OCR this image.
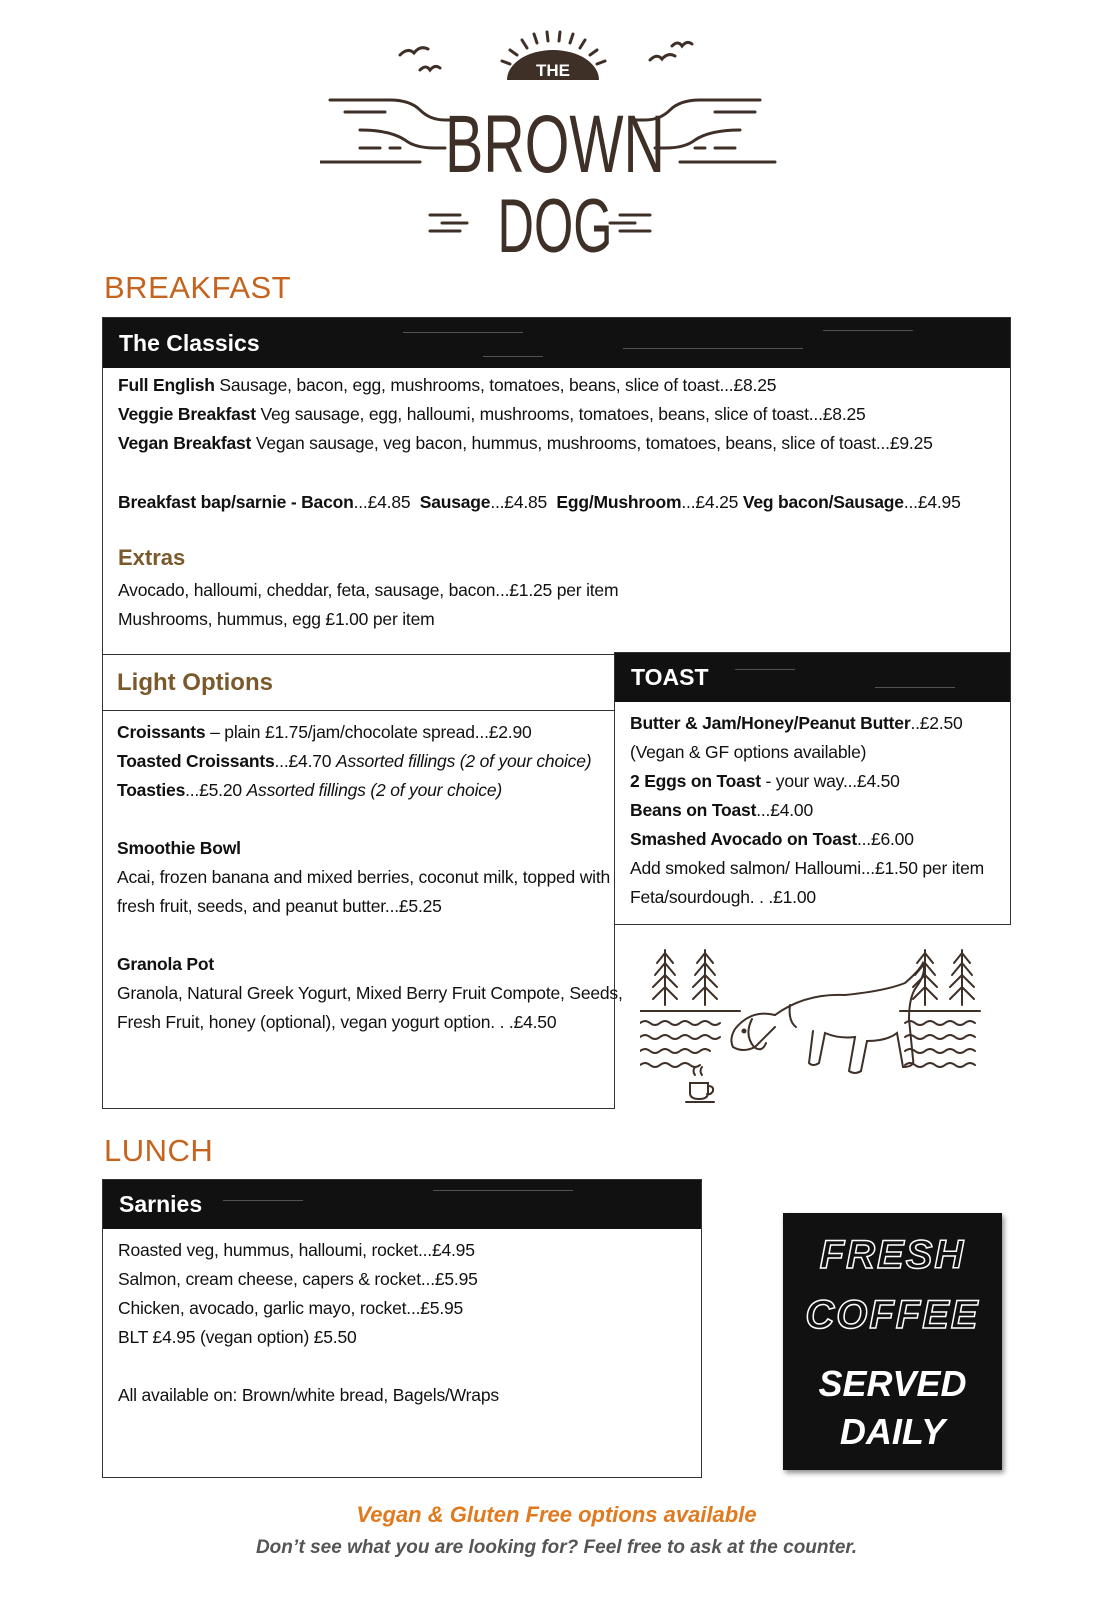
THE
BROWN
DOG
BREAKFAST
The Classics
Full English Sausage, bacon, egg, mushrooms, tomatoes, beans, slice of toast...£8.25
Veggie Breakfast Veg sausage, egg, halloumi, mushrooms, tomatoes, beans, slice of toast...£8.25
Vegan Breakfast Vegan sausage, veg bacon, hummus, mushrooms, tomatoes, beans, slice of toast...£9.25
Breakfast bap/sarnie - Bacon...£4.85 Sausage...£4.85 Egg/Mushroom...£4.25 Veg bacon/Sausage...£4.95
Extras
Avocado, halloumi, cheddar, feta, sausage, bacon...£1.25 per item
Mushrooms, hummus, egg £1.00 per item
Light Options
Croissants – plain £1.75/jam/chocolate spread...£2.90
Toasted Croissants...£4.70 Assorted fillings (2 of your choice)
Toasties...£5.20 Assorted fillings (2 of your choice)
Smoothie Bowl
Acai, frozen banana and mixed berries, coconut milk, topped with
fresh fruit, seeds, and peanut butter...£5.25
Granola Pot
Granola, Natural Greek Yogurt, Mixed Berry Fruit Compote, Seeds,
Fresh Fruit, honey (optional), vegan yogurt option. . .£4.50
TOAST
Butter & Jam/Honey/Peanut Butter..£2.50
(Vegan & GF options available)
2 Eggs on Toast - your way...£4.50
Beans on Toast...£4.00
Smashed Avocado on Toast...£6.00
Add smoked salmon/ Halloumi...£1.50 per item
Feta/sourdough. . .£1.00
LUNCH
Sarnies
Roasted veg, hummus, halloumi, rocket...£4.95
Salmon, cream cheese, capers & rocket...£5.95
Chicken, avocado, garlic mayo, rocket...£5.95
BLT £4.95 (vegan option) £5.50
All available on: Brown/white bread, Bagels/Wraps
FRESH
COFFEE
SERVED
DAILY
Vegan & Gluten Free options available
Don’t see what you are looking for? Feel free to ask at the counter.
